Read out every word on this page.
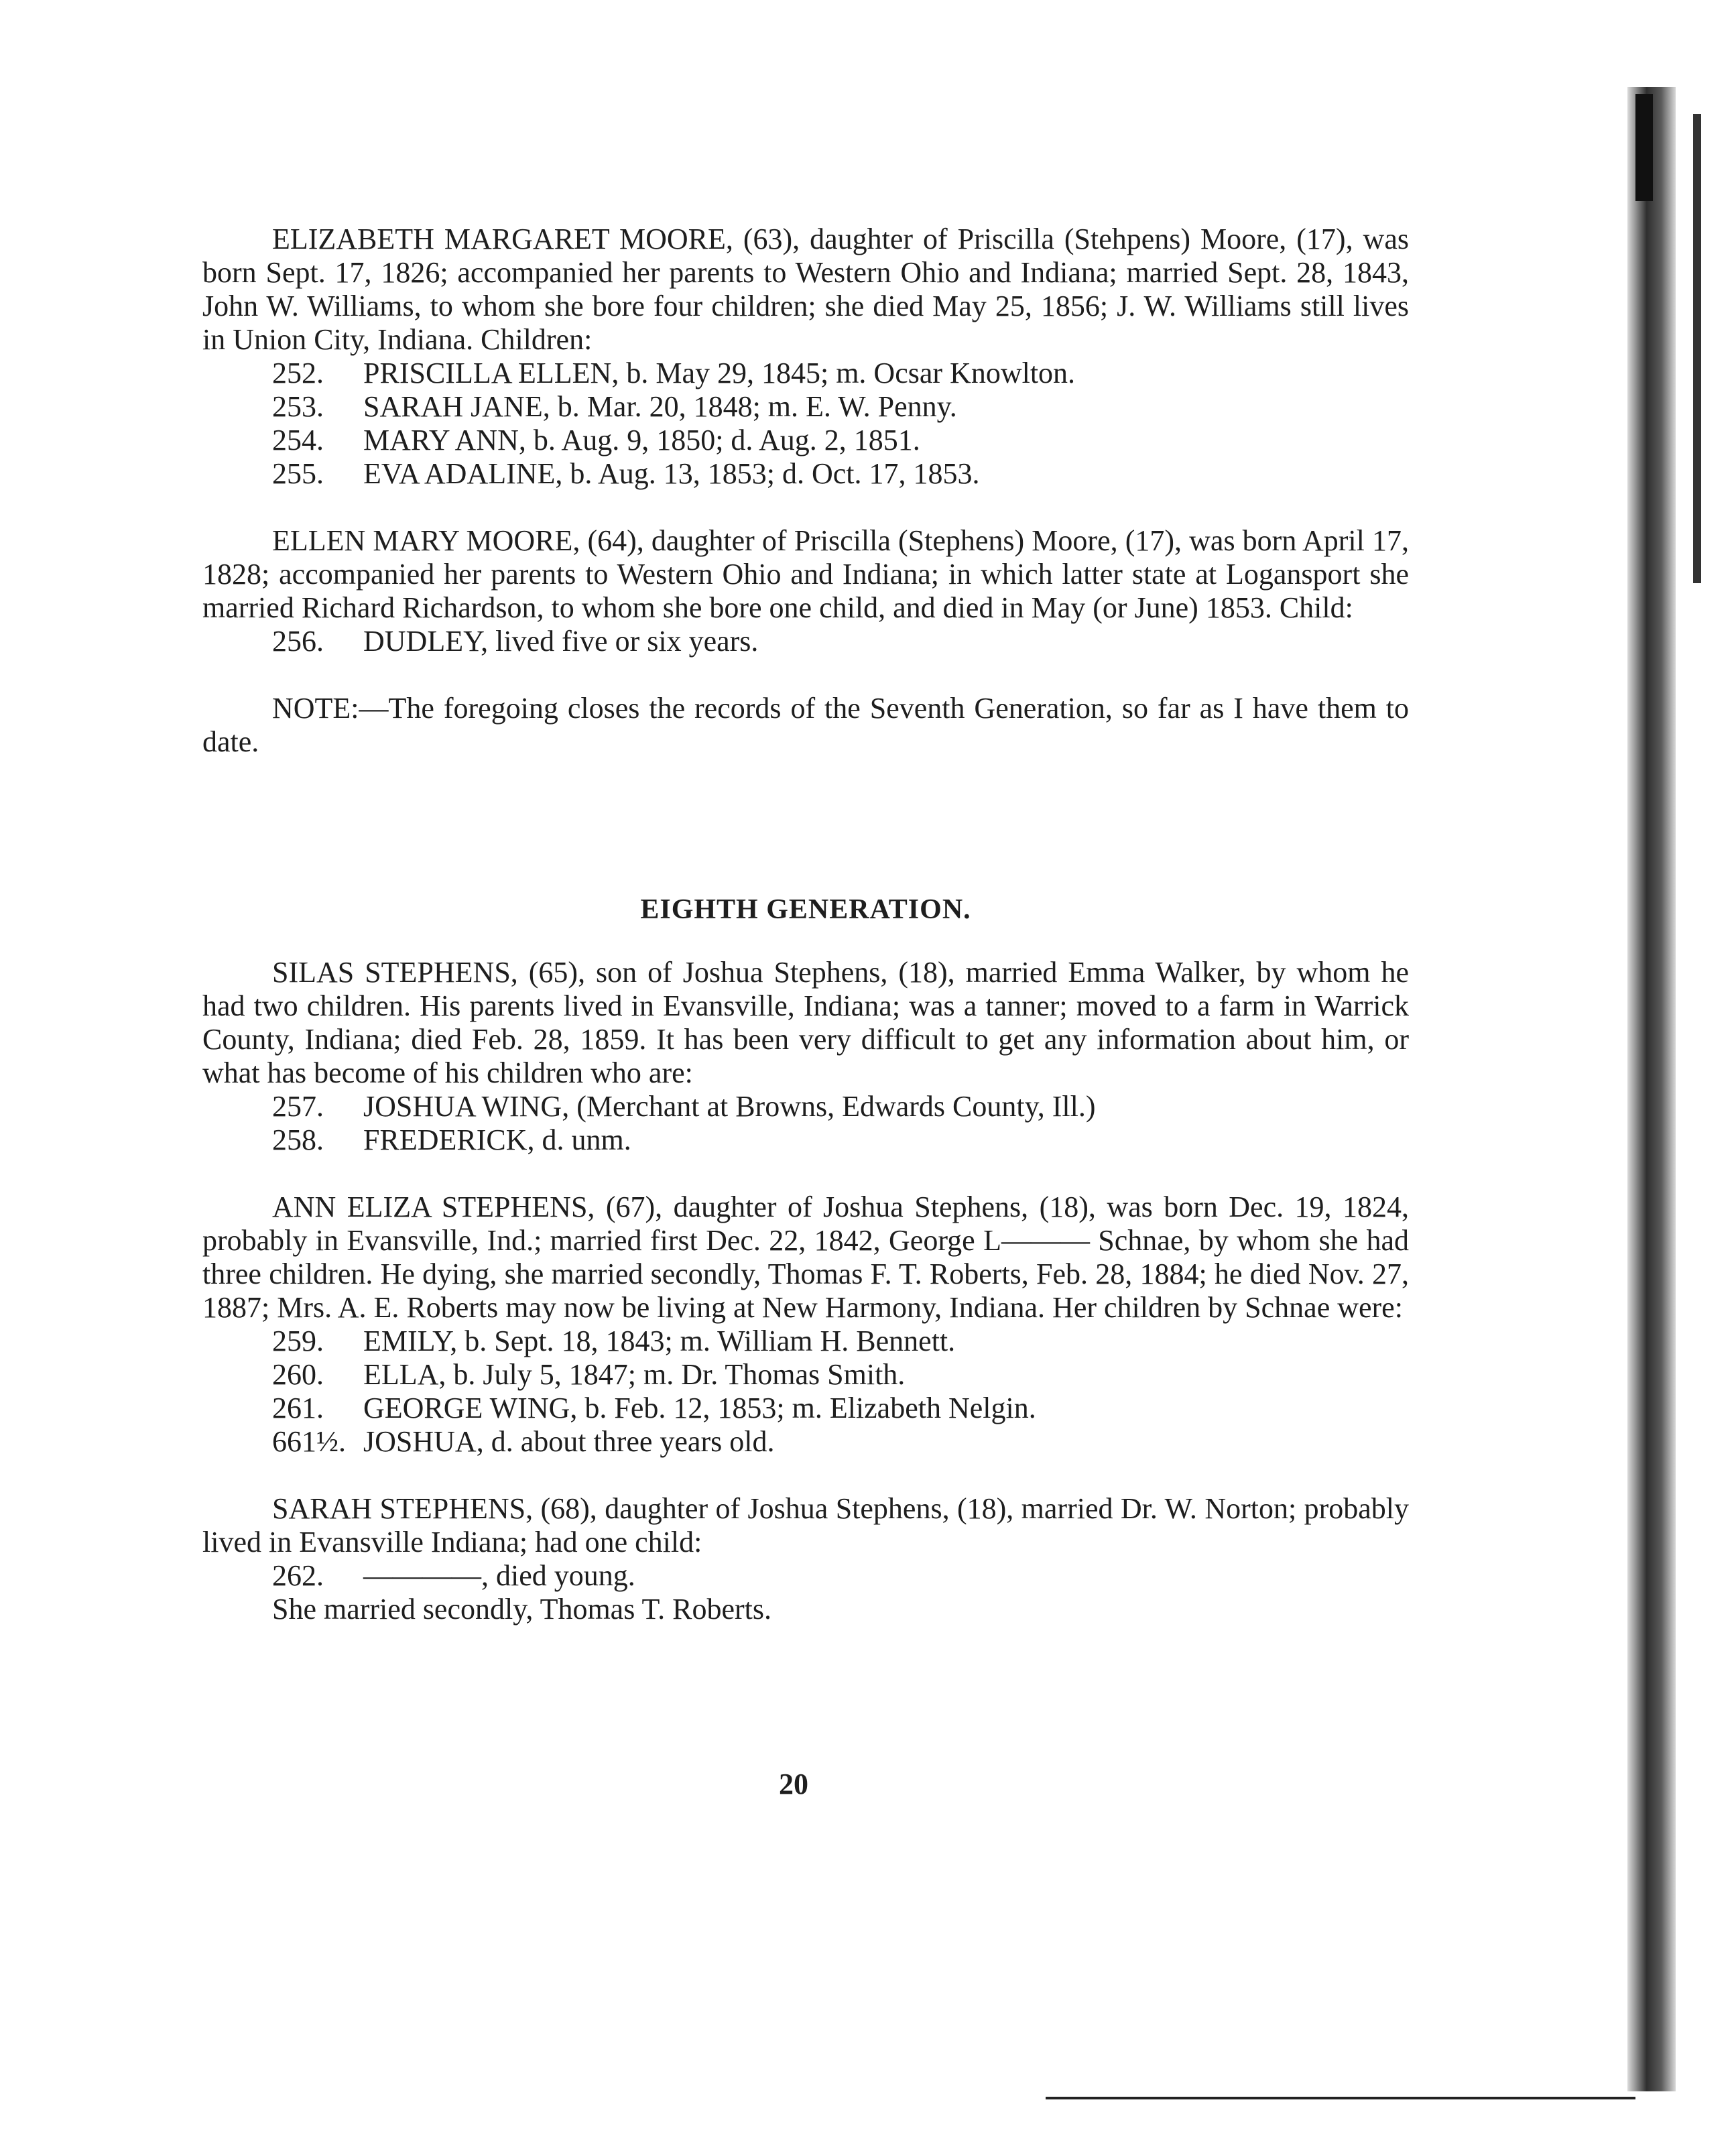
ELIZABETH MARGARET MOORE, (63), daughter of Priscilla (Stehpens) Moore, (17), was born Sept. 17, 1826; accompanied her parents to Western Ohio and Indiana; married Sept. 28, 1843, John W. Williams, to whom she bore four children; she died May 25, 1856; J. W. Williams still lives in Union City, Indiana. Children:

252.	PRISCILLA ELLEN, b. May 29, 1845; m. Ocsar Knowlton.
253.	SARAH JANE, b. Mar. 20, 1848; m. E. W. Penny.
254.	MARY ANN, b. Aug. 9, 1850; d. Aug. 2, 1851.
255.	EVA ADALINE, b. Aug. 13, 1853; d. Oct. 17, 1853.

ELLEN MARY MOORE, (64), daughter of Priscilla (Stephens) Moore, (17), was born April 17, 1828; accompanied her parents to Western Ohio and Indiana; in which latter state at Logansport she married Richard Richardson, to whom she bore one child, and died in May (or June) 1853. Child:

256.	DUDLEY, lived five or six years.

NOTE:—The foregoing closes the records of the Seventh Generation, so far as I have them to date.

EIGHTH GENERATION.

SILAS STEPHENS, (65), son of Joshua Stephens, (18), married Emma Walker, by whom he had two children. His parents lived in Evansville, Indiana; was a tanner; moved to a farm in Warrick County, Indiana; died Feb. 28, 1859. It has been very difficult to get any information about him, or what has become of his children who are:

257.	JOSHUA WING, (Merchant at Browns, Edwards County, Ill.)
258.	FREDERICK, d. unm.

ANN ELIZA STEPHENS, (67), daughter of Joshua Stephens, (18), was born Dec. 19, 1824, probably in Evansville, Ind.; married first Dec. 22, 1842, George L——— Schnae, by whom she had three children. He dying, she married secondly, Thomas F. T. Roberts, Feb. 28, 1884; he died Nov. 27, 1887; Mrs. A. E. Roberts may now be living at New Harmony, Indiana. Her children by Schnae were:

259.	EMILY, b. Sept. 18, 1843; m. William H. Bennett.
260.	ELLA, b. July 5, 1847; m. Dr. Thomas Smith.
261.	GEORGE WING, b. Feb. 12, 1853; m. Elizabeth Nelgin.
661½. JOSHUA, d. about three years old.

SARAH STEPHENS, (68), daughter of Joshua Stephens, (18), married Dr. W. Norton; probably lived in Evansville Indiana; had one child:

262.	————, died young.

She married secondly, Thomas T. Roberts.

20
